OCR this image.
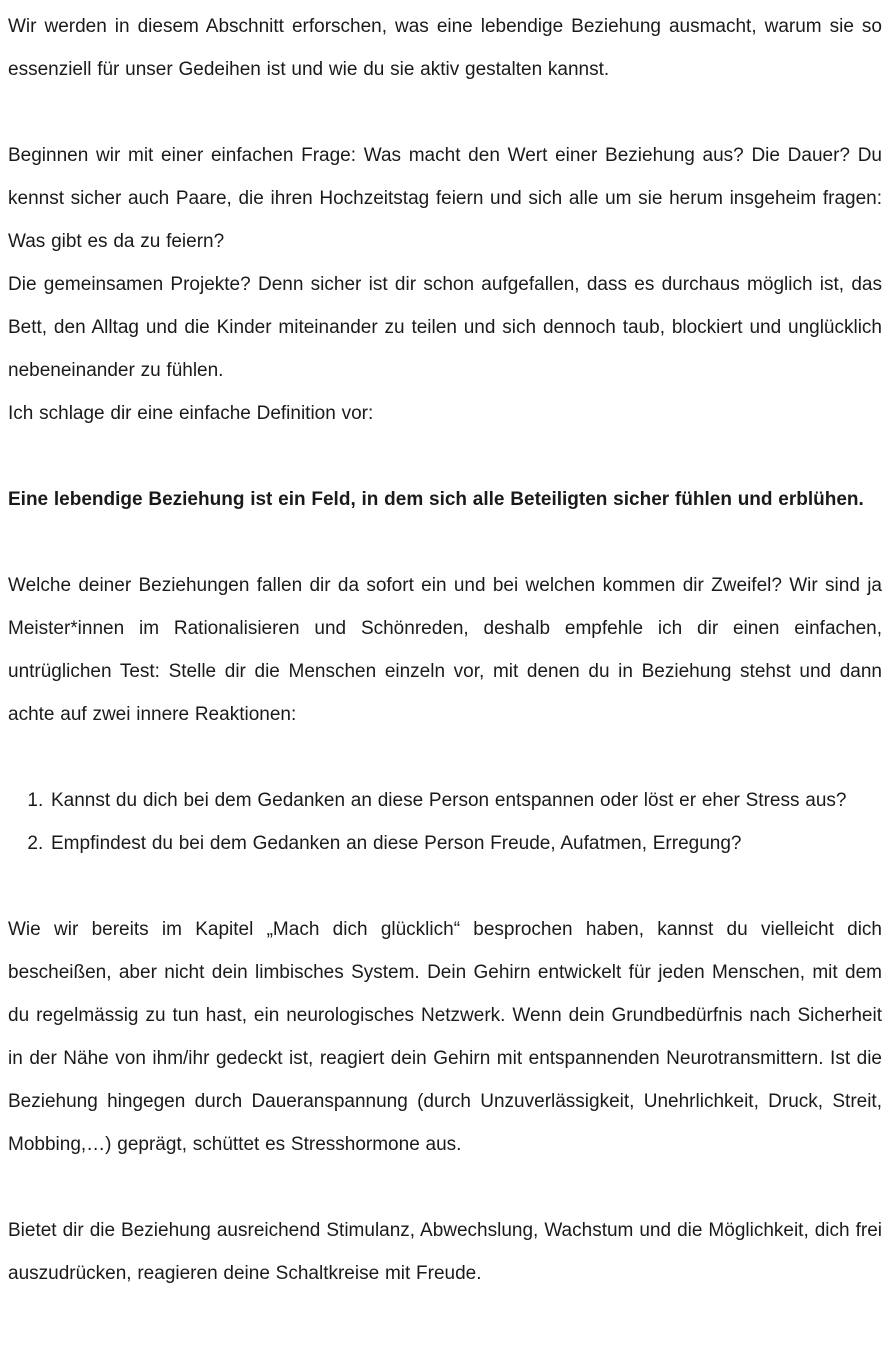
Wir werden in diesem Abschnitt erforschen, was eine lebendige Beziehung ausmacht, warum sie so essenziell für unser Gedeihen ist und wie du sie aktiv gestalten kannst.

Beginnen wir mit einer einfachen Frage: Was macht den Wert einer Beziehung aus? Die Dauer? Du kennst sicher auch Paare, die ihren Hochzeitstag feiern und sich alle um sie herum insgeheim fragen: Was gibt es da zu feiern?

Die gemeinsamen Projekte? Denn sicher ist dir schon aufgefallen, dass es durchaus möglich ist, das Bett, den Alltag und die Kinder miteinander zu teilen und sich dennoch taub, blockiert und unglücklich nebeneinander zu fühlen.

Ich schlage dir eine einfache Definition vor:

Eine lebendige Beziehung ist ein Feld, in dem sich alle Beteiligten sicher fühlen und erblühen.

Welche deiner Beziehungen fallen dir da sofort ein und bei welchen kommen dir Zweifel? Wir sind ja Meister*innen im Rationalisieren und Schönreden, deshalb empfehle ich dir einen einfachen, untrüglichen Test: Stelle dir die Menschen einzeln vor, mit denen du in Beziehung stehst und dann achte auf zwei innere Reaktionen:

1. Kannst du dich bei dem Gedanken an diese Person entspannen oder löst er eher Stress aus?
2. Empfindest du bei dem Gedanken an diese Person Freude, Aufatmen, Erregung?

Wie wir bereits im Kapitel „Mach dich glücklich“ besprochen haben, kannst du vielleicht dich bescheißen, aber nicht dein limbisches System. Dein Gehirn entwickelt für jeden Menschen, mit dem du regelmässig zu tun hast, ein neurologisches Netzwerk. Wenn dein Grundbedürfnis nach Sicherheit in der Nähe von ihm/ihr gedeckt ist, reagiert dein Gehirn mit entspannenden Neurotransmittern. Ist die Beziehung hingegen durch Daueranspannung (durch Unzuverlässigkeit, Unehrlichkeit, Druck, Streit, Mobbing,…) geprägt, schüttet es Stresshormone aus.

Bietet dir die Beziehung ausreichend Stimulanz, Abwechslung, Wachstum und die Möglichkeit, dich frei auszudrücken, reagieren deine Schaltkreise mit Freude.
